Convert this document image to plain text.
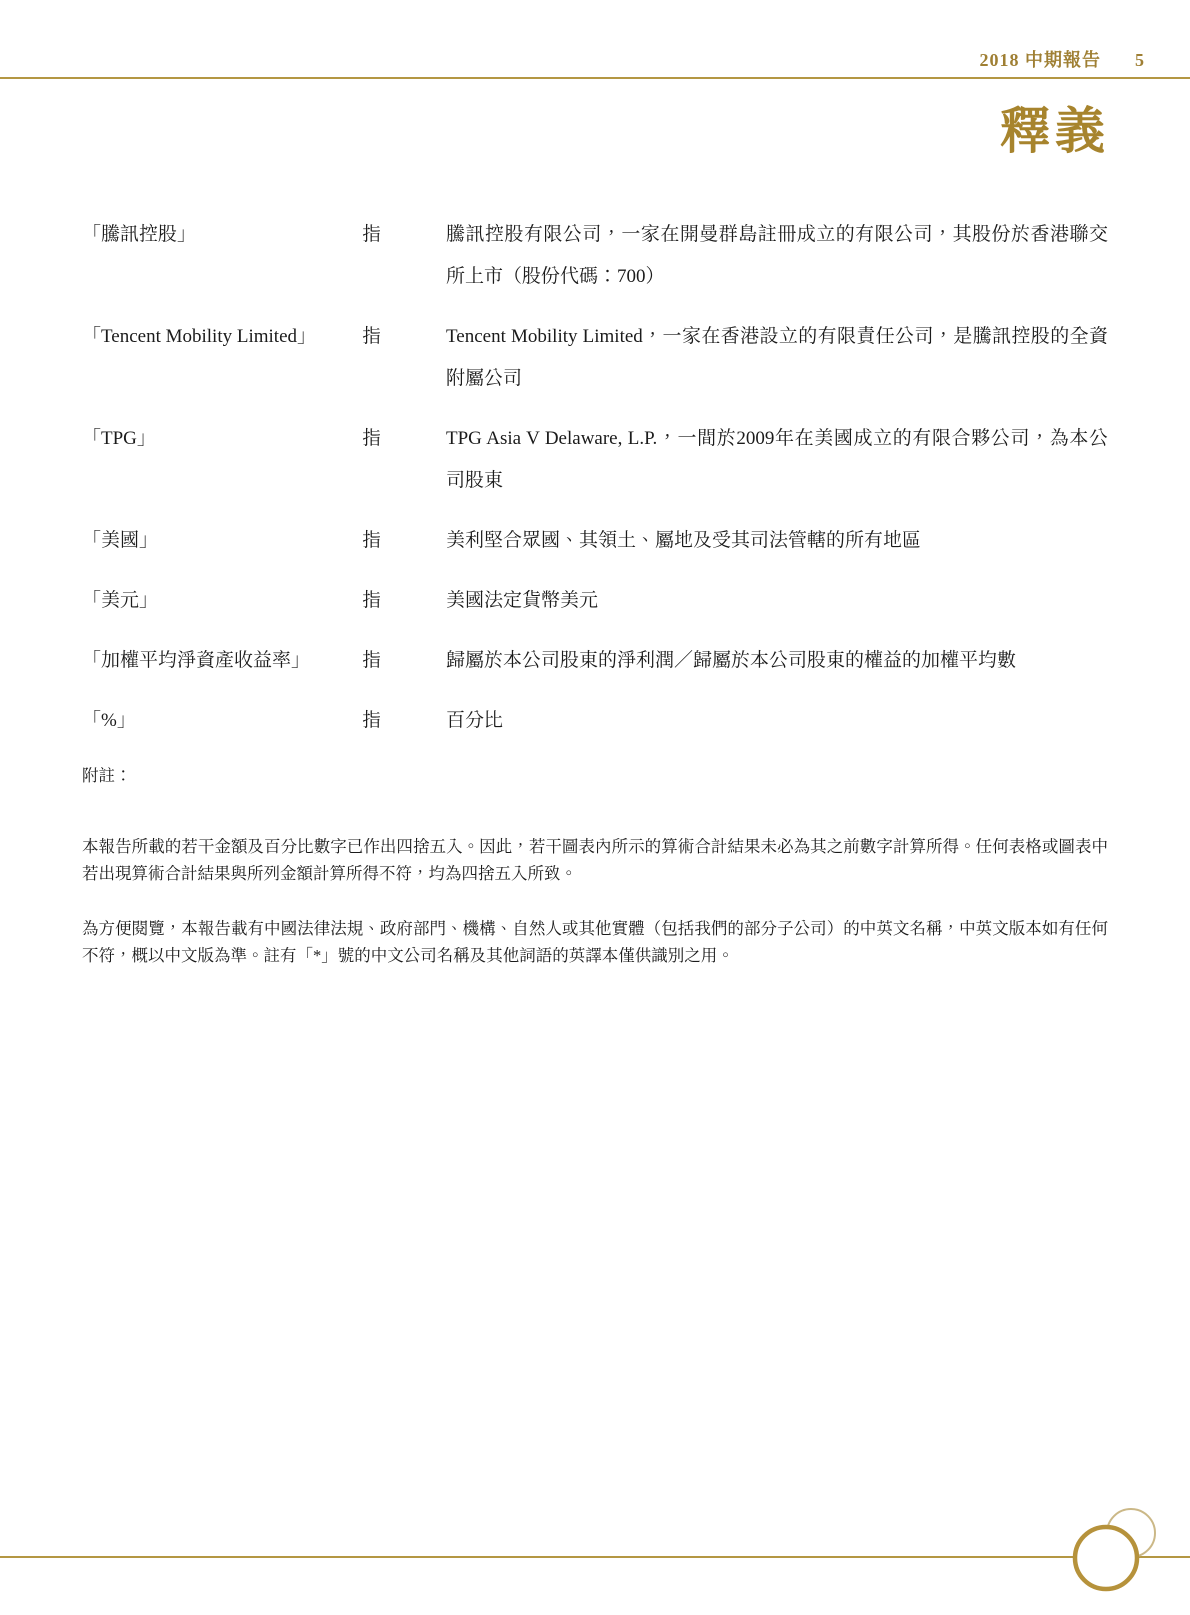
2018 中期報告 5
釋義
「騰訊控股」	指	騰訊控股有限公司，一家在開曼群島註冊成立的有限公司，其股份於香港聯交所上市（股份代碼：700）
「Tencent Mobility Limited」	指	Tencent Mobility Limited，一家在香港設立的有限責任公司，是騰訊控股的全資附屬公司
「TPG」	指	TPG Asia V Delaware, L.P.，一間於2009年在美國成立的有限合夥公司，為本公司股東
「美國」	指	美利堅合眾國、其領土、屬地及受其司法管轄的所有地區
「美元」	指	美國法定貨幣美元
「加權平均淨資產收益率」	指	歸屬於本公司股東的淨利潤／歸屬於本公司股東的權益的加權平均數
「%」	指	百分比

附註：

本報告所載的若干金額及百分比數字已作出四捨五入。因此，若干圖表內所示的算術合計結果未必為其之前數字計算所得。任何表格或圖表中若出現算術合計結果與所列金額計算所得不符，均為四捨五入所致。

為方便閱覽，本報告載有中國法律法規、政府部門、機構、自然人或其他實體（包括我們的部分子公司）的中英文名稱，中英文版本如有任何不符，概以中文版為準。註有「*」號的中文公司名稱及其他詞語的英譯本僅供識別之用。
